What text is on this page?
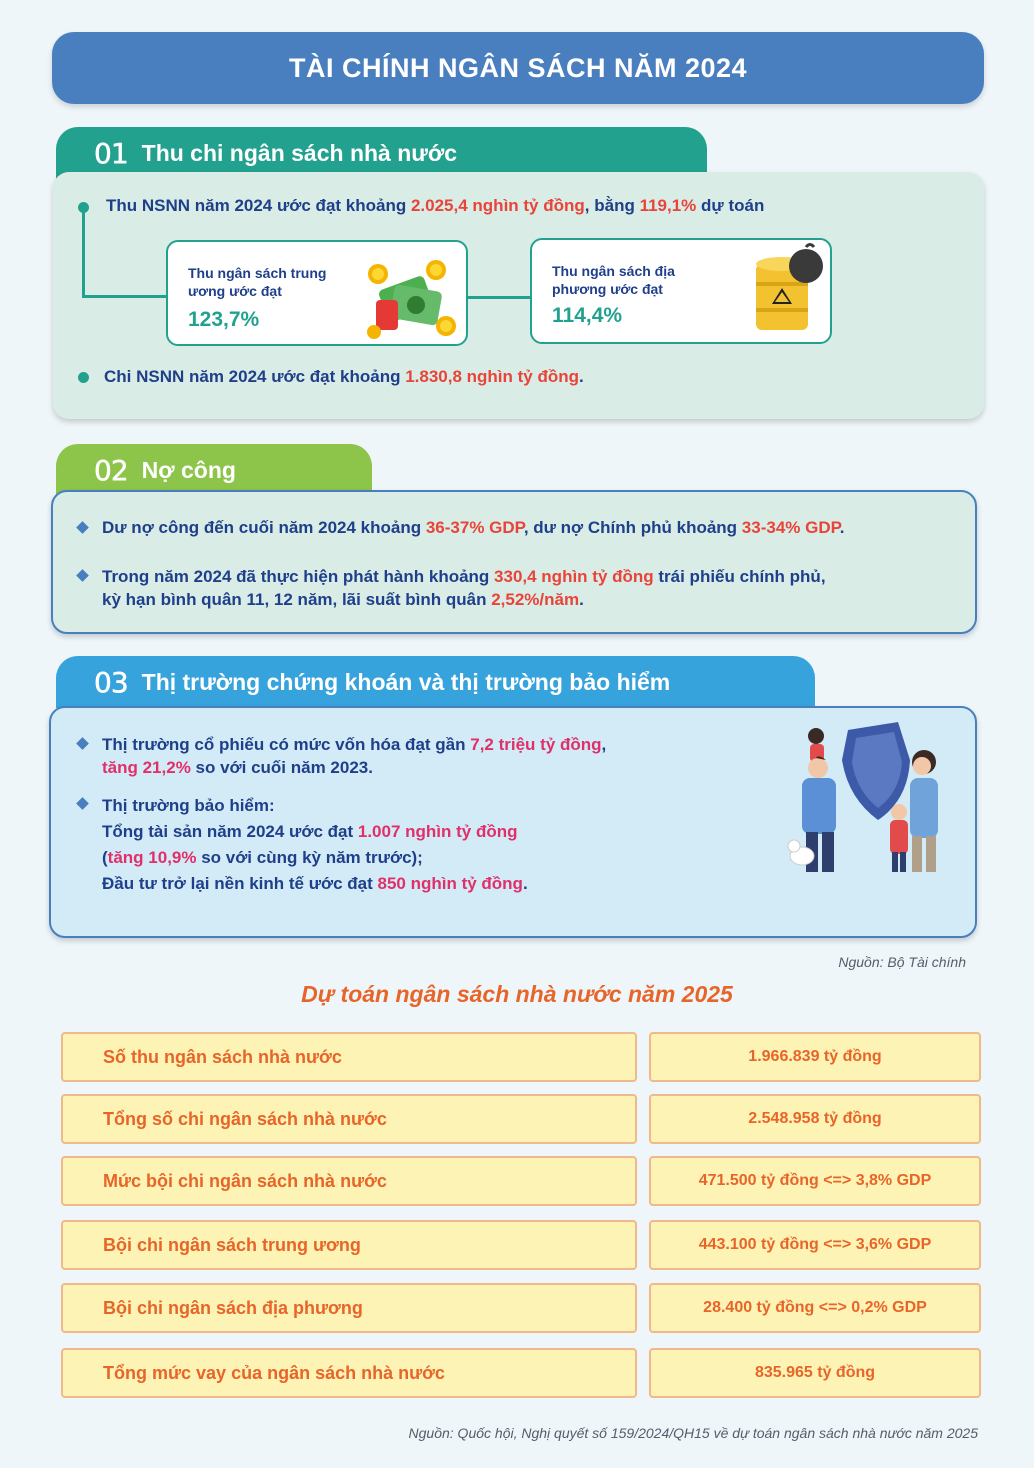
TÀI CHÍNH NGÂN SÁCH NĂM 2024
01 Thu chi ngân sách nhà nước
Thu NSNN năm 2024 ước đạt khoảng 2.025,4 nghìn tỷ đồng, bằng 119,1% dự toán
Thu ngân sách trung ương ước đạt
123,7%
Thu ngân sách địa phương ước đạt
114,4%
Chi NSNN năm 2024 ước đạt khoảng 1.830,8 nghìn tỷ đồng.
02 Nợ công
Dư nợ công đến cuối năm 2024 khoảng 36-37% GDP, dư nợ Chính phủ khoảng 33-34% GDP.
Trong năm 2024 đã thực hiện phát hành khoảng 330,4 nghìn tỷ đồng trái phiếu chính phủ,
kỳ hạn bình quân 11, 12 năm, lãi suất bình quân 2,52%/năm.
03 Thị trường chứng khoán và thị trường bảo hiểm
Thị trường cổ phiếu có mức vốn hóa đạt gần 7,2 triệu tỷ đồng,
tăng 21,2% so với cuối năm 2023.
Thị trường bảo hiểm:
Tổng tài sản năm 2024 ước đạt 1.007 nghìn tỷ đồng
(tăng 10,9% so với cùng kỳ năm trước);
Đầu tư trở lại nền kinh tế ước đạt 850 nghìn tỷ đồng.
Nguồn: Bộ Tài chính
Dự toán ngân sách nhà nước năm 2025
Số thu ngân sách nhà nước	1.966.839 tỷ đồng
Tổng số chi ngân sách nhà nước	2.548.958 tỷ đồng
Mức bội chi ngân sách nhà nước	471.500 tỷ đồng <=> 3,8% GDP
Bội chi ngân sách trung ương	443.100 tỷ đồng <=> 3,6% GDP
Bội chi ngân sách địa phương	28.400 tỷ đồng <=> 0,2% GDP
Tổng mức vay của ngân sách nhà nước	835.965 tỷ đồng
Nguồn: Quốc hội, Nghị quyết số 159/2024/QH15 về dự toán ngân sách nhà nước năm 2025
